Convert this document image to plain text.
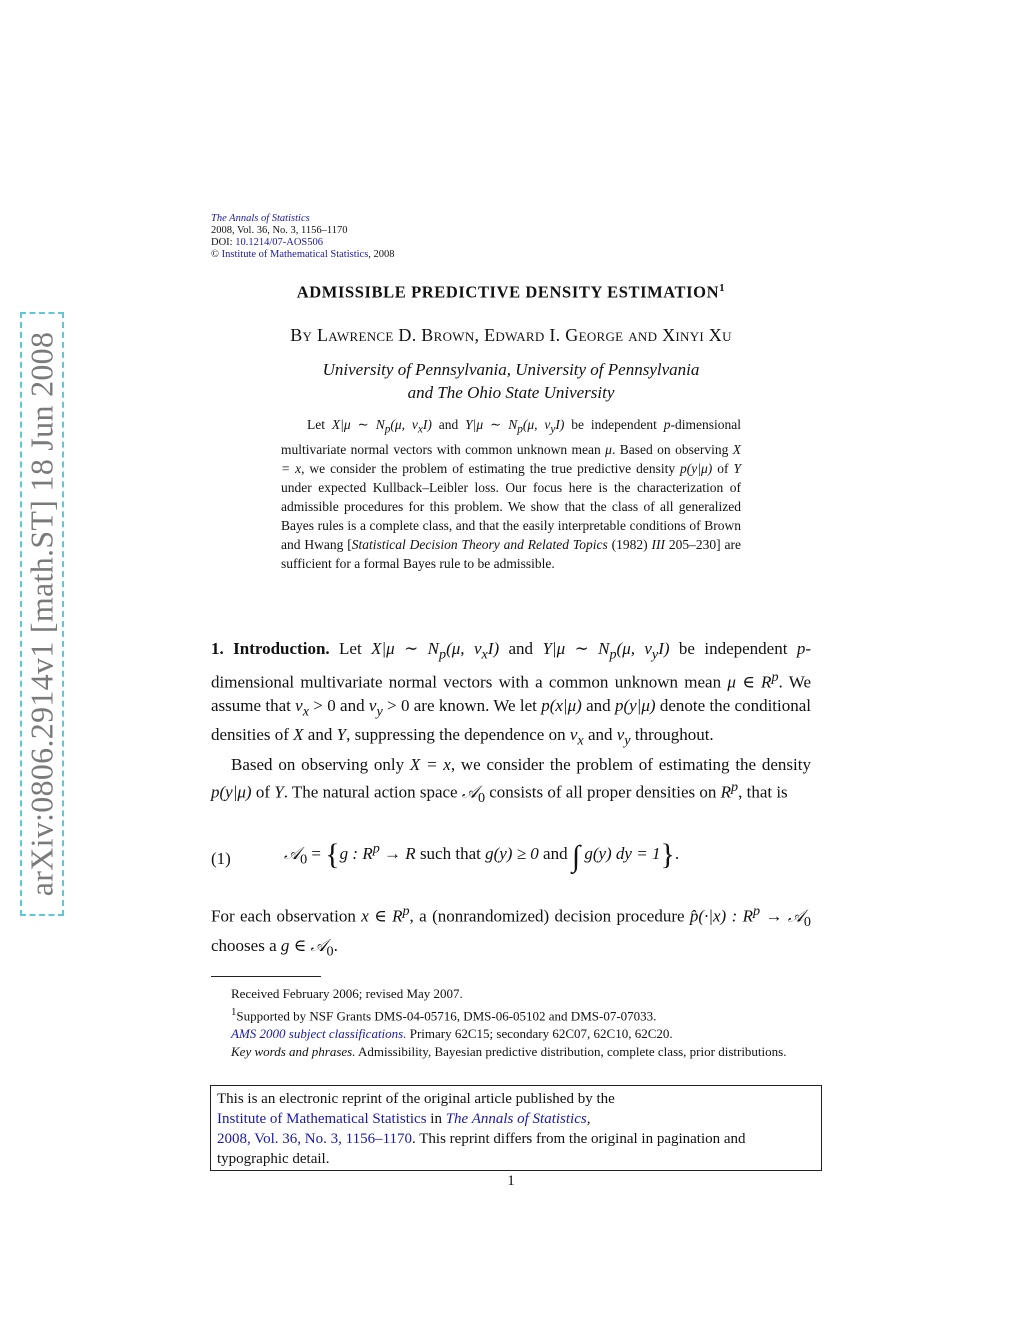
arXiv:0806.2914v1 [math.ST] 18 Jun 2008
The Annals of Statistics
2008, Vol. 36, No. 3, 1156–1170
DOI: 10.1214/07-AOS506
© Institute of Mathematical Statistics, 2008
ADMISSIBLE PREDICTIVE DENSITY ESTIMATION$^1$
By Lawrence D. Brown, Edward I. George and Xinyi Xu
University of Pennsylvania, University of Pennsylvania
and The Ohio State University

Let X|μ ∼ $N_p(\mu$, $v_xI$) and Y|μ ∼ $N_p(\mu$, $v_yI$) be independent p-dimensional multivariate normal vectors with common unknown mean μ. Based on observing X = x, we consider the problem of estimating the true predictive density p(y|μ) of Y under expected Kullback–Leibler loss. Our focus here is the characterization of admissible procedures for this problem. We show that the class of all generalized Bayes rules is a complete class, and that the easily interpretable conditions of Brown and Hwang [Statistical Decision Theory and Related Topics (1982) III 205–230] are sufficient for a formal Bayes rule to be admissible.

1. Introduction. Let X|μ ∼ $N_p(\mu$, $v_xI$) and Y|μ ∼ $N_p(\mu$, $v_yI$) be independent p-dimensional multivariate normal vectors with a common unknown mean μ ∈ $R^p$. We assume that $v_x > 0$ and $v_y > 0$ are known. We let p(x|μ) and p(y|μ) denote the conditional densities of X and Y, suppressing the dependence on $v_x$ and $v_y$ throughout.

Based on observing only X = x, we consider the problem of estimating the density p(y|μ) of Y. The natural action space 𝒜$_0$ consists of all proper densities on $R^p$, that is

(1)	𝒜$_0$ = {g : $R^p \to R$ such that g(y) ≥ 0 and ∫ g(y) dy = 1}.

For each observation x ∈ $R^p$, a (nonrandomized) decision procedure p̂(·|x) : $R^p$ → 𝒜$_0$ chooses a g ∈ 𝒜$_0$.

Received February 2006; revised May 2007.
$^1$Supported by NSF Grants DMS-04-05716, DMS-06-05102 and DMS-07-07033.
AMS 2000 subject classifications. Primary 62C15; secondary 62C07, 62C10, 62C20.
Key words and phrases. Admissibility, Bayesian predictive distribution, complete class, prior distributions.
This is an electronic reprint of the original article published by the
Institute of Mathematical Statistics in The Annals of Statistics,
2008, Vol. 36, No. 3, 1156–1170. This reprint differs from the original in pagination and typographic detail.
1
